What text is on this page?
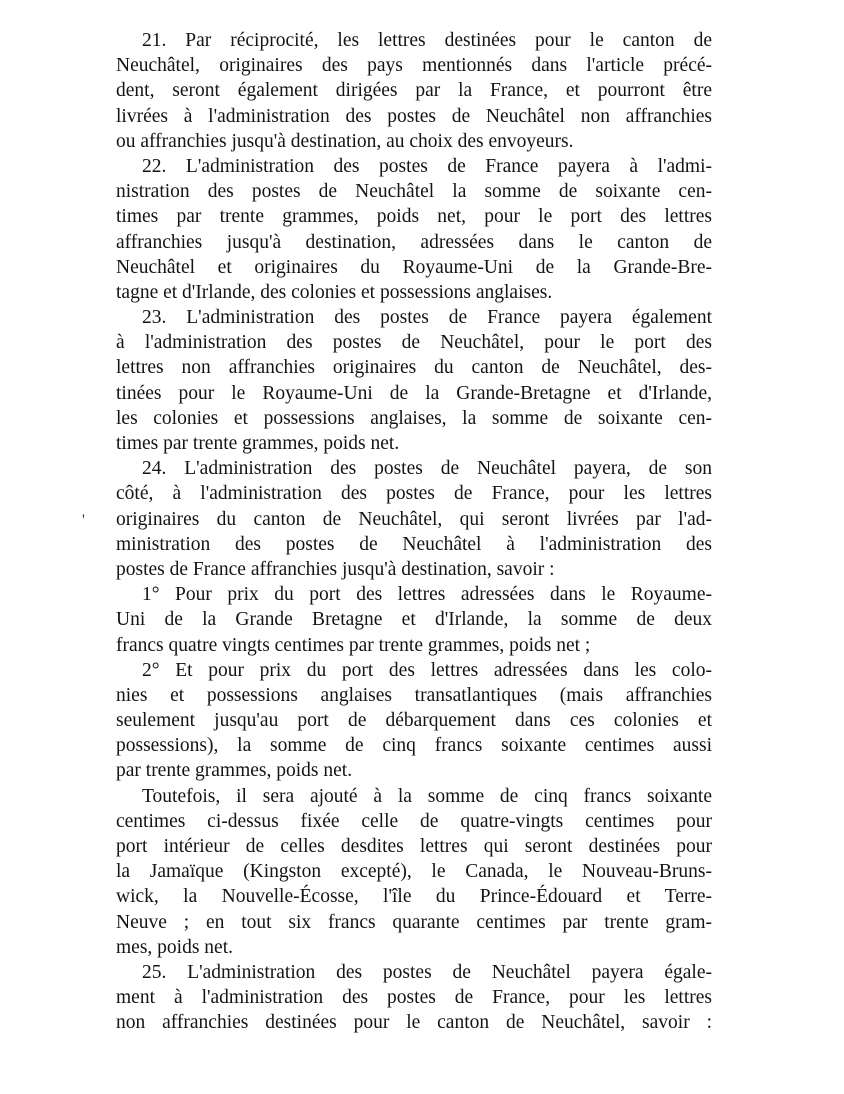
'
21. Par réciprocité, les lettres destinées pour le canton de
Neuchâtel, originaires des pays mentionnés dans l'article précé-
dent, seront également dirigées par la France, et pourront être
livrées à l'administration des postes de Neuchâtel non affranchies
ou affranchies jusqu'à destination, au choix des envoyeurs.
22. L'administration des postes de France payera à l'admi-
nistration des postes de Neuchâtel la somme de soixante cen-
times par trente grammes, poids net, pour le port des lettres
affranchies jusqu'à destination, adressées dans le canton de
Neuchâtel et originaires du Royaume-Uni de la Grande-Bre-
tagne et d'Irlande, des colonies et possessions anglaises.
23. L'administration des postes de France payera également
à l'administration des postes de Neuchâtel, pour le port des
lettres non affranchies originaires du canton de Neuchâtel, des-
tinées pour le Royaume-Uni de la Grande-Bretagne et d'Irlande,
les colonies et possessions anglaises, la somme de soixante cen-
times par trente grammes, poids net.
24. L'administration des postes de Neuchâtel payera, de son
côté, à l'administration des postes de France, pour les lettres
originaires du canton de Neuchâtel, qui seront livrées par l'ad-
ministration des postes de Neuchâtel à l'administration des
postes de France affranchies jusqu'à destination, savoir :
1° Pour prix du port des lettres adressées dans le Royaume-
Uni de la Grande Bretagne et d'Irlande, la somme de deux
francs quatre vingts centimes par trente grammes, poids net ;
2° Et pour prix du port des lettres adressées dans les colo-
nies et possessions anglaises transatlantiques (mais affranchies
seulement jusqu'au port de débarquement dans ces colonies et
possessions), la somme de cinq francs soixante centimes aussi
par trente grammes, poids net.
Toutefois, il sera ajouté à la somme de cinq francs soixante
centimes ci-dessus fixée celle de quatre-vingts centimes pour
port intérieur de celles desdites lettres qui seront destinées pour
la Jamaïque (Kingston excepté), le Canada, le Nouveau-Bruns-
wick, la Nouvelle-Écosse, l'île du Prince-Édouard et Terre-
Neuve ; en tout six francs quarante centimes par trente gram-
mes, poids net.
25. L'administration des postes de Neuchâtel payera égale-
ment à l'administration des postes de France, pour les lettres
non affranchies destinées pour le canton de Neuchâtel, savoir :
